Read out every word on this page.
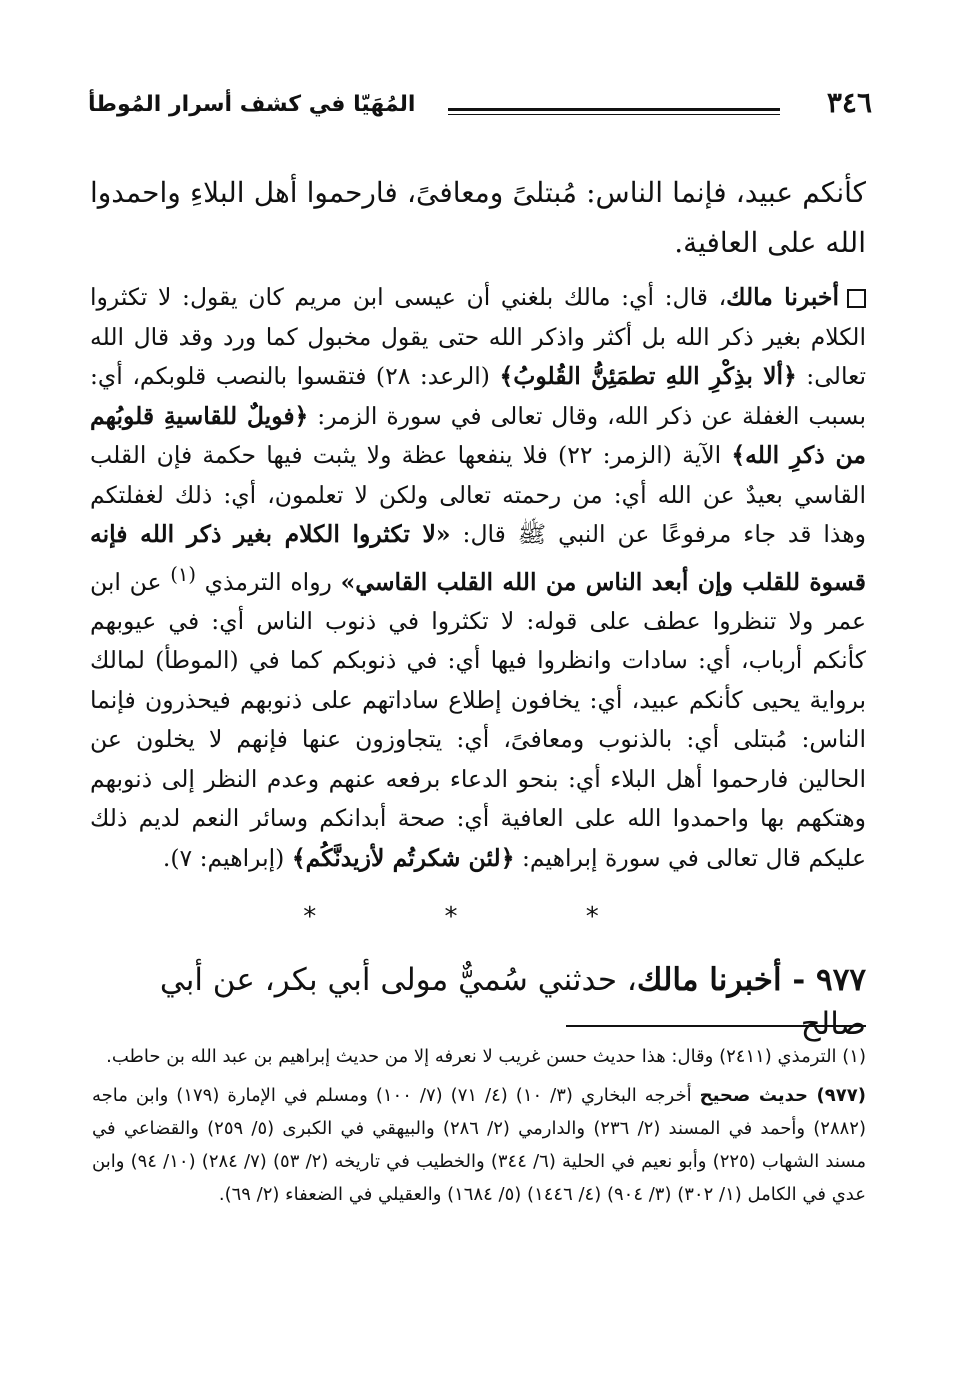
٣٤٦
المُهَيّا في كشف أسرار المُوطأ

كأنكم عبيد، فإنما الناس: مُبتلىً ومعافىً، فارحموا أهل البلاءِ واحمدوا الله على العافية.

أخبرنا مالك، قال: أي: مالك بلغني أن عيسى ابن مريم كان يقول: لا تكثروا الكلام بغير ذكر الله بل أكثر واذكر الله حتى يقول مخبول كما ورد وقد قال الله تعالى: ﴿ألا بذِكْرِ اللهِ تطمَئِنُّ القُلوبُ﴾ (الرعد: ٢٨) فتقسوا بالنصب قلوبكم، أي: بسبب الغفلة عن ذكر الله، وقال تعالى في سورة الزمر: ﴿فويلٌ للقاسيةِ قلوبُهم من ذكرِ الله﴾ الآية (الزمر: ٢٢) فلا ينفعها عظة ولا يثبت فيها حكمة فإن القلب القاسي بعيدٌ عن الله أي: من رحمته تعالى ولكن لا تعلمون، أي: ذلك لغفلتكم وهذا قد جاء مرفوعًا عن النبي ﷺ قال: «لا تكثروا الكلام بغير ذكر الله فإنه قسوة للقلب وإن أبعد الناس من الله القلب القاسي» رواه الترمذي $^{(١)}$ عن ابن عمر ولا تنظروا عطف على قوله: لا تكثروا في ذنوب الناس أي: في عيوبهم كأنكم أرباب، أي: سادات وانظروا فيها أي: في ذنوبكم كما في (الموطأ) لمالك برواية يحيى كأنكم عبيد، أي: يخافون إطلاع ساداتهم على ذنوبهم فيحذرون فإنما الناس: مُبتلى أي: بالذنوب ومعافىً، أي: يتجاوزون عنها فإنهم لا يخلون عن الحالين فارحموا أهل البلاء أي: بنحو الدعاء برفعه عنهم وعدم النظر إلى ذنوبهم وهتكهم بها واحمدوا الله على العافية أي: صحة أبدانكم وسائر النعم لديم ذلك عليكم قال تعالى في سورة إبراهيم: ﴿لئن شكرتُم لأزيدنَّكُم﴾ (إبراهيم: ٧).

* * *
٩٧٧ - أخبرنا مالك، حدثني سُميٌّ مولى أبي بكر، عن أبي صالح

(١) الترمذي (٢٤١١) وقال: هذا حديث حسن غريب لا نعرفه إلا من حديث إبراهيم بن عبد الله بن حاطب.

(٩٧٧) حديث صحيح أخرجه البخاري (٣/ ١٠) (٤/ ٧١) (٧/ ١٠٠) ومسلم في الإمارة (١٧٩) وابن ماجه (٢٨٨٢) وأحمد في المسند (٢/ ٢٣٦) والدارمي (٢/ ٢٨٦) والبيهقي في الكبرى (٥/ ٢٥٩) والقضاعي في مسند الشهاب (٢٢٥) وأبو نعيم في الحلية (٦/ ٣٤٤) والخطيب في تاريخه (٢/ ٥٣) (٧/ ٢٨٤) (١٠/ ٩٤) وابن عدي في الكامل (١/ ٣٠٢) (٣/ ٩٠٤) (٤/ ١٤٤٦) (٥/ ١٦٨٤) والعقيلي في الضعفاء (٢/ ٦٩).
